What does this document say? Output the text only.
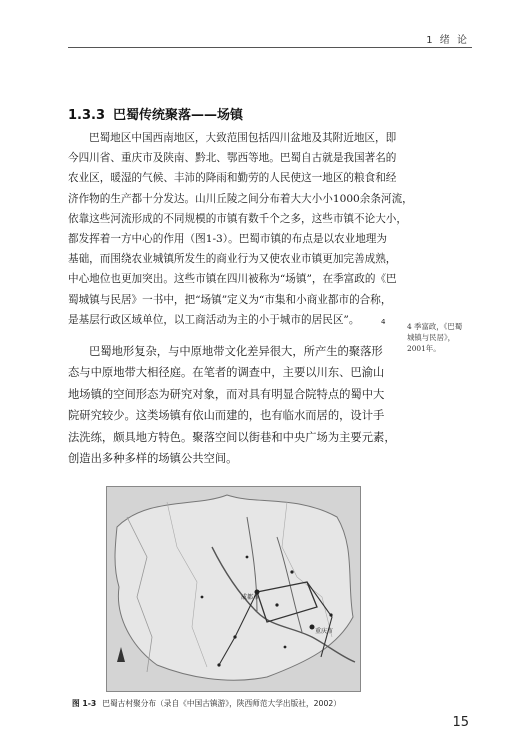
1 绪 论
1.3.3 巴蜀传统聚落——场镇
巴蜀地区中国西南地区，大致范围包括四川盆地及其附近地区，即
今四川省、重庆市及陕南、黔北、鄂西等地。巴蜀自古就是我国著名的
农业区，暖湿的气候、丰沛的降雨和勤劳的人民使这一地区的粮食和经
济作物的生产都十分发达。山川丘陵之间分布着大大小小1000余条河流，
依靠这些河流形成的不同规模的市镇有数千个之多，这些市镇不论大小，
都发挥着一方中心的作用（图1-3）。巴蜀市镇的布点是以农业地理为
基础，而围绕农业城镇所发生的商业行为又使农业市镇更加完善成熟，
中心地位也更加突出。这些市镇在四川被称为“场镇”，在季富政的《巴
蜀城镇与民居》一书中，把“场镇”定义为“市集和小商业都市的合称，
是基层行政区域单位，以工商活动为主的小于城市的居民区”。	4	4 季富政，《巴蜀城镇与民居》，2001年。
巴蜀地形复杂，与中原地带文化差异很大，所产生的聚落形
态与中原地带大相径庭。在笔者的调查中，主要以川东、巴渝山
地场镇的空间形态为研究对象，而对具有明显合院特点的蜀中大
院研究较少。这类场镇有依山而建的，也有临水而居的，设计手
法洗练，颇具地方特色。聚落空间以街巷和中央广场为主要元素，
创造出多种多样的场镇公共空间。
成都市
重庆市
图 1-3 巴蜀古村聚分布（录自《中国古镇游》，陕西师范大学出版社，2002）
15
